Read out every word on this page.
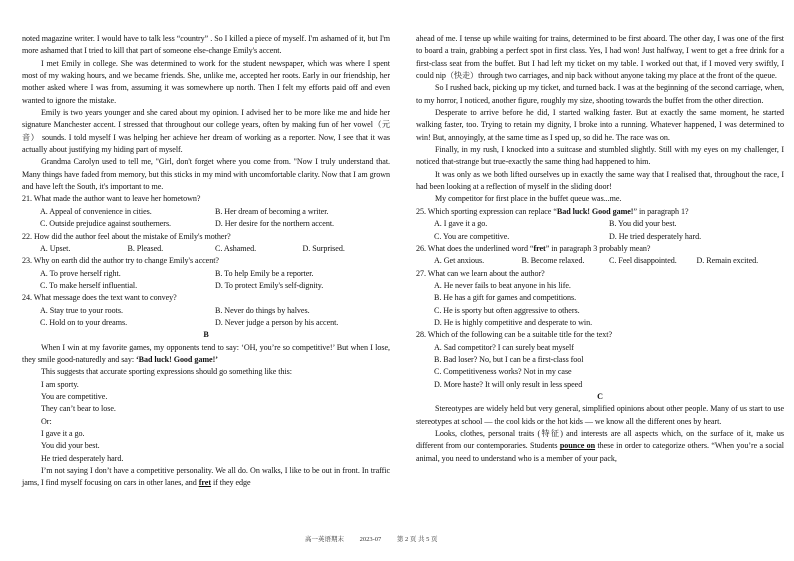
noted magazine writer. I would have to talk less “country” . So I killed a piece of myself. I'm ashamed of it, but I'm more ashamed that I tried to kill that part of someone else-change Emily's accent.

I met Emily in college. She was determined to work for the student newspaper, which was where I spent most of my waking hours, and we became friends. She, unlike me, accepted her roots. Early in our friendship, her mother asked where I was from, assuming it was somewhere up north. Then I felt my efforts paid off and even wanted to ignore the mistake.

Emily is two years younger and she cared about my opinion. I advised her to be more like me and hide her signature Manchester accent. I stressed that throughout our college years, often by making fun of her vowel（元音） sounds. I told myself I was helping her achieve her dream of working as a reporter. Now, I see that it was actually about justifying my hiding part of myself.

Grandma Carolyn used to tell me, "Girl, don't forget where you come from. "Now I truly understand that. Many things have faded from memory, but this sticks in my mind with uncomfortable clarity. Now that I am grown and have left the South, it's important to me.

21. What made the author want to leave her hometown?

A. Appeal of convenience in cities.	B. Her dream of becoming a writer.
C. Outside prejudice against southerners.	D. Her desire for the northern accent.

22. How did the author feel about the mistake of Emily's mother?

A. Upset.	B. Pleased.	C. Ashamed.	D. Surprised.

23. Why on earth did the author try to change Emily's accent?

A. To prove herself right.	B. To help Emily be a reporter.
C. To make herself influential.	D. To protect Emily's self-dignity.

24. What message does the text want to convey?

A. Stay true to your roots.	B. Never do things by halves.
C. Hold on to your dreams.	D. Never judge a person by his accent.

B

When I win at my favorite games, my opponents tend to say: ‘OH, you’re so competitive!’ But when I lose, they smile good-naturedly and say: ‘Bad luck! Good game!’

This suggests that accurate sporting expressions should go something like this:

I am sporty.

You are competitive.

They can’t bear to lose.

Or:

I gave it a go.

You did your best.

He tried desperately hard.

I’m not saying I don’t have a competitive personality. We all do. On walks, I like to be out in front. In traffic jams, I find myself focusing on cars in other lanes, and fret if they edge

ahead of me. I tense up while waiting for trains, determined to be first aboard. The other day, I was one of the first to board a train, grabbing a perfect spot in first class. Yes, I had won! Just halfway, I went to get a free drink for a first-class seat from the buffet. But I had left my ticket on my table. I worked out that, if I moved very swiftly, I could nip（快走）through two carriages, and nip back without anyone taking my place at the front of the queue.

So I rushed back, picking up my ticket, and turned back. I was at the beginning of the second carriage, when, to my horror, I noticed, another figure, roughly my size, shooting towards the buffet from the other direction.

Desperate to arrive before he did, I started walking faster. But at exactly the same moment, he started walking faster, too. Trying to retain my dignity, I broke into a running. Whatever happened, I was determined to win! But, annoyingly, at the same time as I sped up, so did he. The race was on.

Finally, in my rush, I knocked into a suitcase and stumbled slightly. Still with my eyes on my challenger, I noticed that-strange but true-exactly the same thing had happened to him.

It was only as we both lifted ourselves up in exactly the same way that I realised that, throughout the race, I had been looking at a reflection of myself in the sliding door!

My competitor for first place in the buffet queue was...me.

25. Which sporting expression can replace “Bad luck! Good game!” in paragraph 1?

A. I gave it a go.	B. You did your best.
C. You are competitive.	D. He tried desperately hard.

26. What does the underlined word “fret” in paragraph 3 probably mean?

A. Get anxious.	B. Become relaxed.	C. Feel disappointed.	D. Remain excited.

27. What can we learn about the author?

A. He never fails to beat anyone in his life.
B. He has a gift for games and competitions.
C. He is sporty but often aggressive to others.
D. He is highly competitive and desperate to win.

28. Which of the following can be a suitable title for the text?

A. Sad competitor? I can surely beat myself
B. Bad loser? No, but I can be a first-class fool
C. Competitiveness works? Not in my case
D. More haste? It will only result in less speed

C

Stereotypes are widely held but very general, simplified opinions about other people. Many of us start to use stereotypes at school — the cool kids or the hot kids — we know all the different ones by heart.

Looks, clothes, personal traits (特征) and interests are all aspects which, on the surface of it, make us different from our contemporaries. Students pounce on these in order to categorize others. “When you’re a social animal, you need to understand who is a member of your pack,

高一英语期末 2023-07 第 2 页 共 5 页
